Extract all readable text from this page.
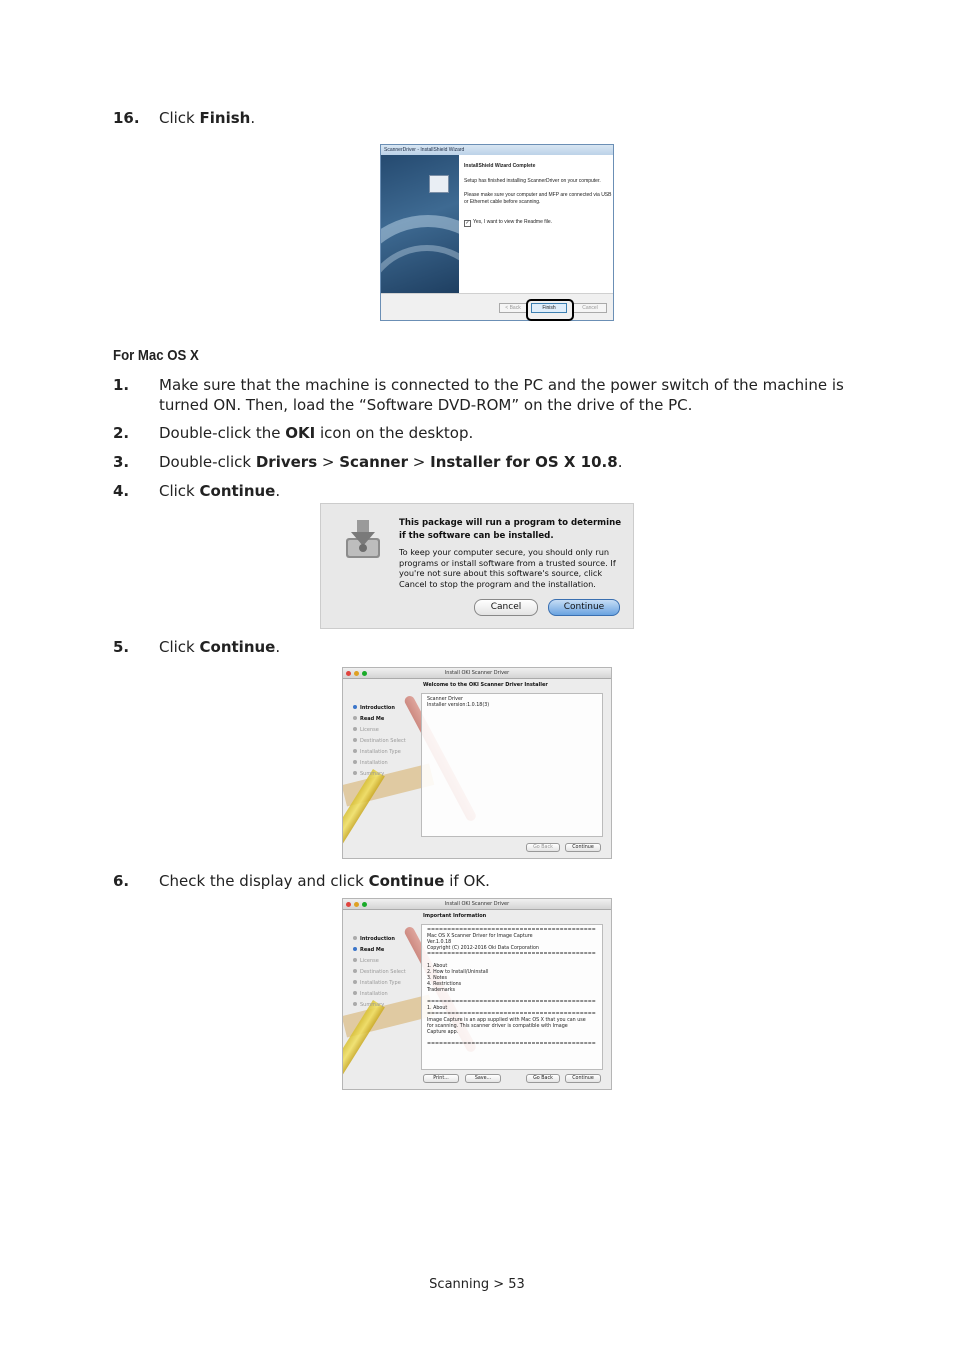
16.	Click Finish.
ScannerDriver - InstallShield Wizard
InstallShield Wizard Complete

Setup has finished installing ScannerDriver on your computer.

Please make sure your computer and MFP are connected via USB or Ethernet cable before scanning.

✓ Yes, I want to view the Readme file.
< Back	Finish	Cancel
For Mac OS X
1.	Make sure that the machine is connected to the PC and the power switch of the machine is turned ON. Then, load the “Software DVD-ROM” on the drive of the PC.
2.	Double-click the OKI icon on the desktop.
3.	Double-click Drivers > Scanner > Installer for OS X 10.8.
4.	Click Continue.
This package will run a program to determine if the software can be installed.
To keep your computer secure, you should only run programs or install software from a trusted source. If you're not sure about this software's source, click Cancel to stop the program and the installation.
Cancel	Continue
5.	Click Continue.
Install OKI Scanner Driver
Introduction
Read Me
License
Destination Select
Installation Type
Installation
Summary
Welcome to the OKI Scanner Driver Installer
Scanner Driver
Installer version:1.0.18(3)
Go Back	Continue
6.	Check the display and click Continue if OK.
Install OKI Scanner Driver
Introduction
Read Me
License
Destination Select
Installation Type
Installation
Summary
Important Information
==========================================
Mac OS X Scanner Driver for Image Capture
Ver.1.0.18
Copyright (C) 2012-2016 Oki Data Corporation
==========================================

1. About
2. How to Install/Uninstall
3. Notes
4. Restrictions
Trademarks

==========================================
1. About
==========================================
Image Capture is an app supplied with Mac OS X that you can use
for scanning. This scanner driver is compatible with Image
Capture app.

==========================================
Print...	Save...	Go Back	Continue
Scanning > 53
